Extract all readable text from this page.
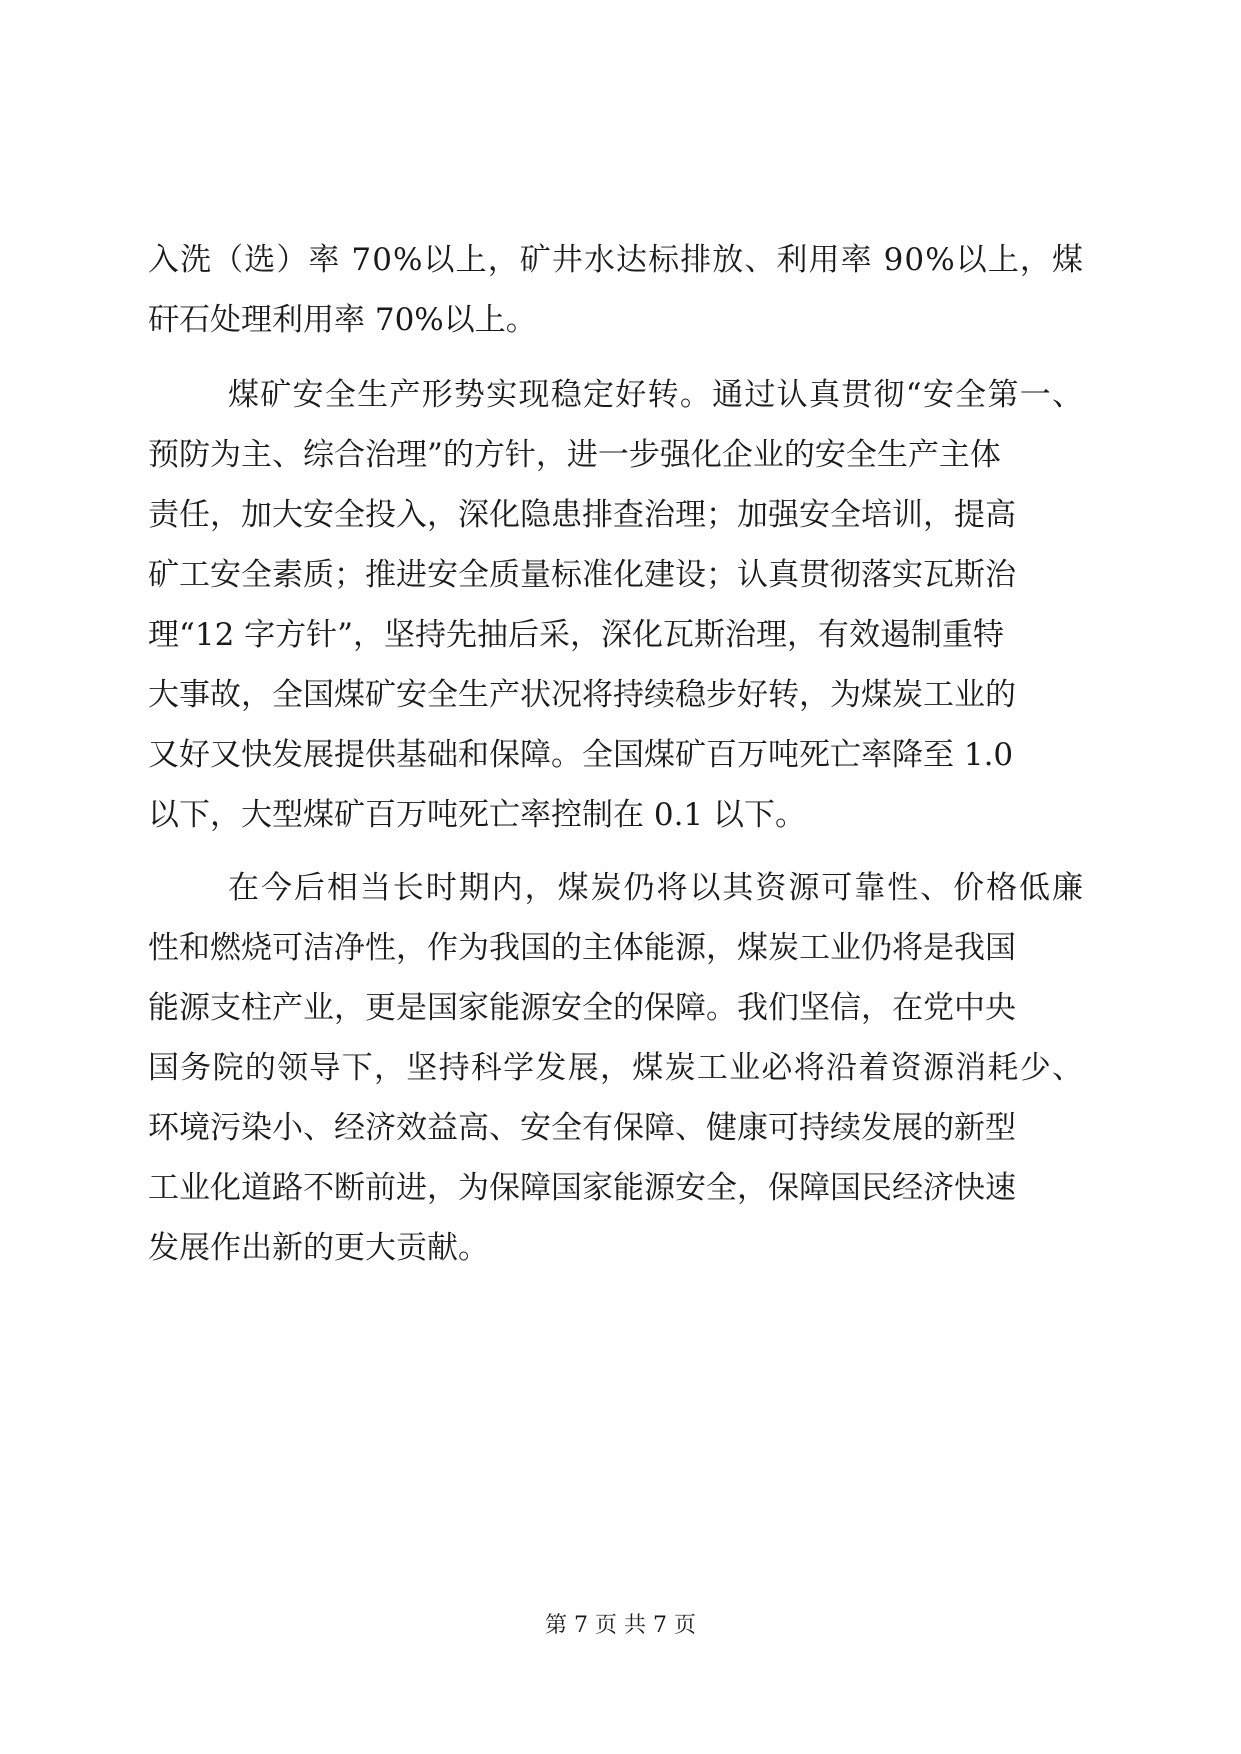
入洗（选）率 70%以上，矿井水达标排放、利用率 90%以上，煤
矸石处理利用率 70%以上。
煤矿安全生产形势实现稳定好转。通过认真贯彻“安全第一、
预防为主、综合治理”的方针，进一步强化企业的安全生产主体
责任，加大安全投入，深化隐患排查治理；加强安全培训，提高
矿工安全素质；推进安全质量标准化建设；认真贯彻落实瓦斯治
理“12 字方针”，坚持先抽后采，深化瓦斯治理，有效遏制重特
大事故，全国煤矿安全生产状况将持续稳步好转，为煤炭工业的
又好又快发展提供基础和保障。全国煤矿百万吨死亡率降至 1.0
以下，大型煤矿百万吨死亡率控制在 0.1 以下。
在今后相当长时期内，煤炭仍将以其资源可靠性、价格低廉
性和燃烧可洁净性，作为我国的主体能源，煤炭工业仍将是我国
能源支柱产业，更是国家能源安全的保障。我们坚信，在党中央
国务院的领导下，坚持科学发展，煤炭工业必将沿着资源消耗少、
环境污染小、经济效益高、安全有保障、健康可持续发展的新型
工业化道路不断前进，为保障国家能源安全，保障国民经济快速
发展作出新的更大贡献。
第 7 页 共 7 页
